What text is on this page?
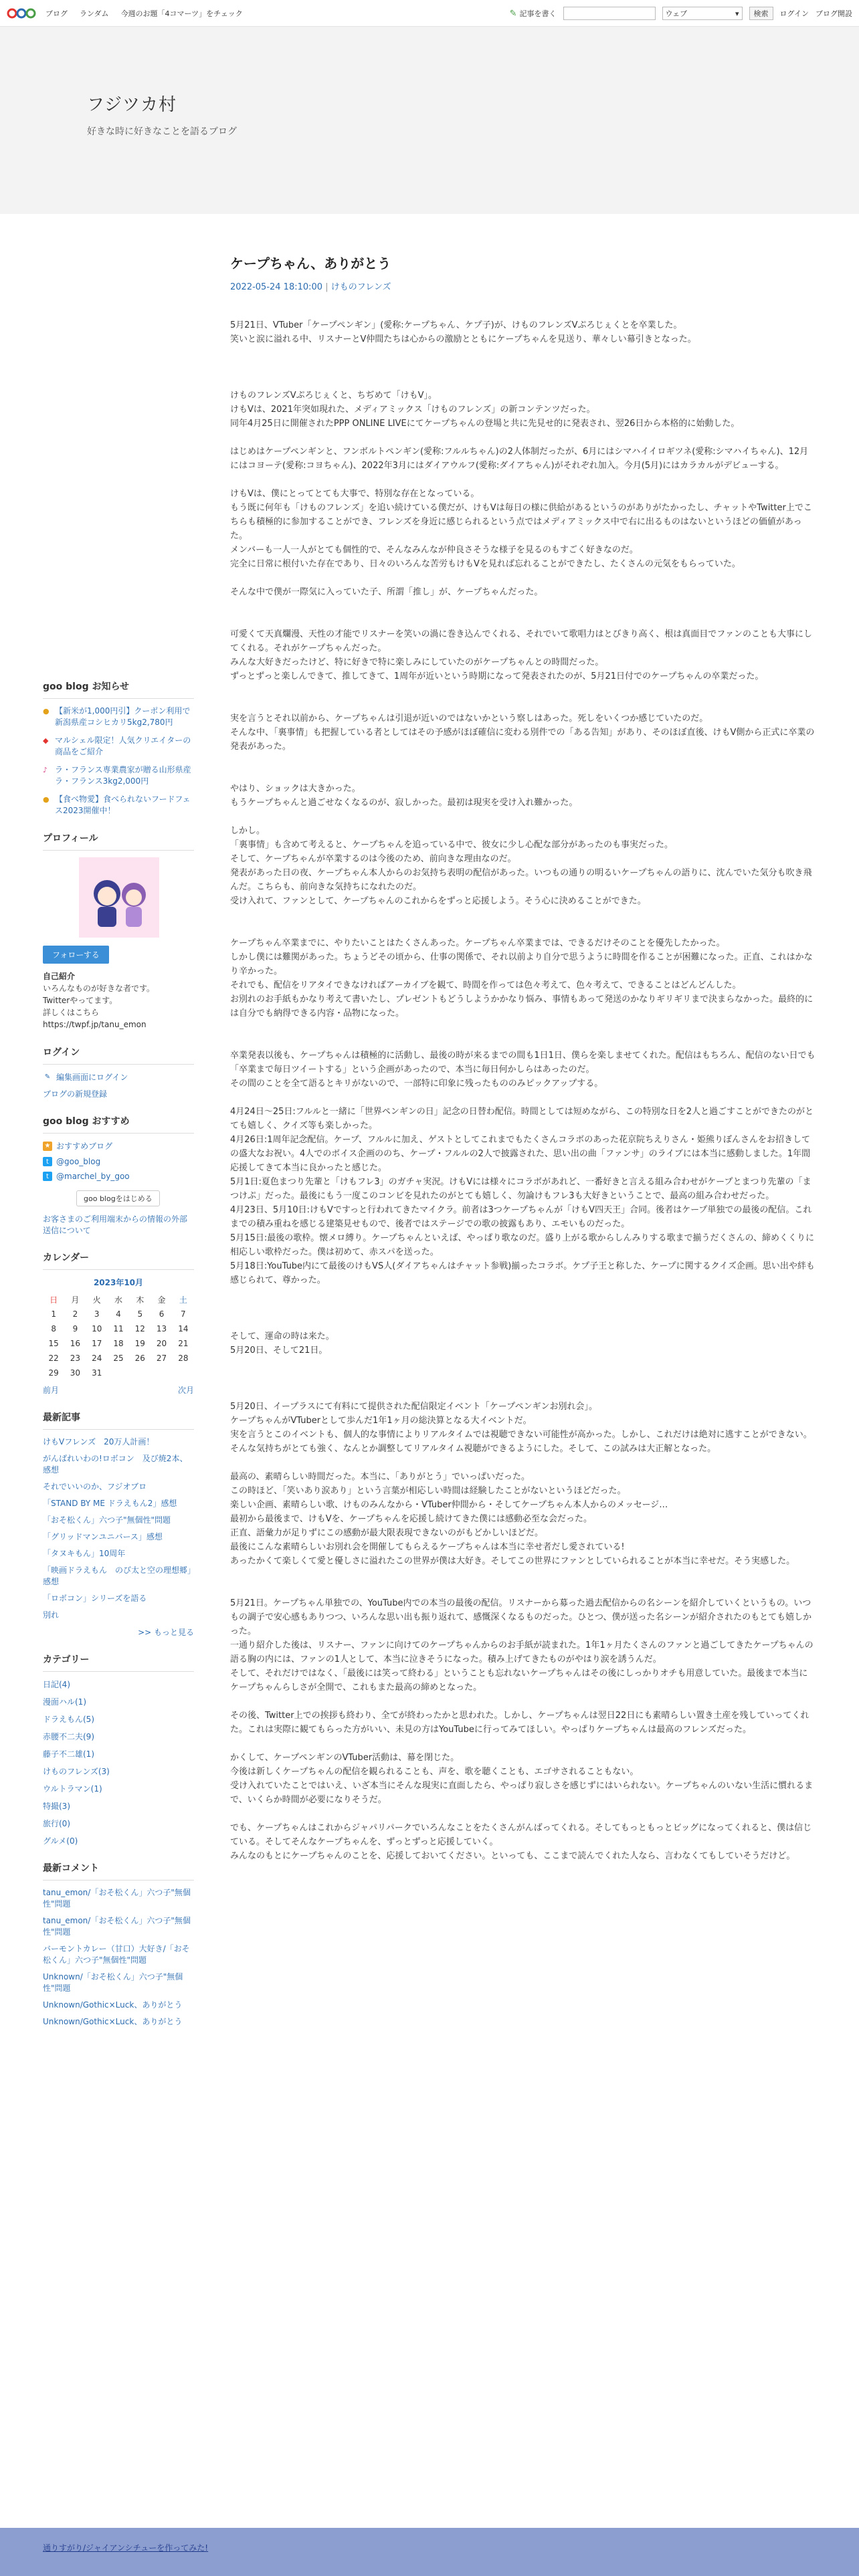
ブログ ランダム 今週のお題「4コマーツ」をチェック	✎ 記事を書く	ウェブ	▾	検索	ログイン ブログ開設
フジツカ村
好きな時に好きなことを語るブログ
ケープちゃん、ありがとう
2022-05-24 18:10:00 | けものフレンズ

5月21日、VTuber「ケープペンギン」(愛称:ケープちゃん、ケプ子)が、けものフレンズVぷろじぇくとを卒業した。

笑いと涙に溢れる中、リスナーとV仲間たちは心からの激励とともにケープちゃんを見送り、華々しい幕引きとなった。

けものフレンズVぷろじぇくと、ちぢめて「けもV」。

けもVは、2021年突如現れた、メディアミックス「けものフレンズ」の新コンテンツだった。

同年4月25日に開催されたPPP ONLINE LIVEにてケープちゃんの登場と共に先見せ的に発表され、翌26日から本格的に始動した。

はじめはケープペンギンと、フンボルトペンギン(愛称:フルルちゃん)の2人体制だったが、6月にはシマハイイロギツネ(愛称:シマハイちゃん)、12月にはコヨーテ(愛称:コヨちゃん)、2022年3月にはダイアウルフ(愛称:ダイアちゃん)がそれぞれ加入。今月(5月)にはカラカルがデビューする。

けもVは、僕にとってとても大事で、特別な存在となっている。

もう既に何年も「けものフレンズ」を追い続けている僕だが、けもVは毎日の様に供給があるというのがありがたかったし、チャットやTwitter上でこちらも積極的に参加することができ、フレンズを身近に感じられるという点ではメディアミックス中で右に出るものはないというほどの価値があった。

メンバーも一人一人がとても個性的で、そんなみんなが仲良さそうな様子を見るのもすごく好きなのだ。

完全に日常に根付いた存在であり、日々のいろんな苦労もけもVを見れば忘れることができたし、たくさんの元気をもらっていた。

そんな中で僕が一際気に入っていた子、所謂「推し」が、ケープちゃんだった。

可愛くて天真爛漫、天性の才能でリスナーを笑いの渦に巻き込んでくれる、それでいて歌唱力はとびきり高く、根は真面目でファンのことも大事にしてくれる。それがケープちゃんだった。

みんな大好きだったけど、特に好きで特に楽しみにしていたのがケープちゃんとの時間だった。

ずっとずっと楽しんできて、推してきて、1周年が近いという時期になって発表されたのが、5月21日付でのケープちゃんの卒業だった。

実を言うとそれ以前から、ケープちゃんは引退が近いのではないかという察しはあった。死しをいくつか感じていたのだ。

そんな中、「裏事情」も把握している者としてはその予感がほぼ確信に変わる別件での「ある告知」があり、そのほぼ直後、けもV側から正式に卒業の発表があった。

やはり、ショックは大きかった。

もうケープちゃんと過ごせなくなるのが、寂しかった。最初は現実を受け入れ難かった。

しかし。

「裏事情」も含めて考えると、ケープちゃんを追っている中で、彼女に少し心配な部分があったのも事実だった。

そして、ケープちゃんが卒業するのは今後のため、前向きな理由なのだ。

発表があった日の夜、ケープちゃん本人からのお気持ち表明の配信があった。いつもの通りの明るいケープちゃんの語りに、沈んでいた気分も吹き飛んだ。こちらも、前向きな気持ちになれたのだ。

受け入れて、ファンとして、ケープちゃんのこれからをずっと応援しよう。そう心に決めることができた。

ケープちゃん卒業までに、やりたいことはたくさんあった。ケープちゃん卒業までは、できるだけそのことを優先したかった。

しかし僕には難関があった。ちょうどその頃から、仕事の関係で、それ以前より自分で思うように時間を作ることが困難になった。正直、これはかなり辛かった。

それでも、配信をリアタイできなければアーカイブを観て、時間を作っては色々考えて、色々考えて、できることはどんどんした。

お別れのお手紙もかなり考えて書いたし、プレゼントもどうしようかかなり悩み、事情もあって発送のかなりギリギリまで決まらなかった。最終的には自分でも納得できる内容・品物になった。

卒業発表以後も、ケープちゃんは積極的に活動し、最後の時が来るまでの間も1日1日、僕らを楽しませてくれた。配信はもちろん、配信のない日でも「卒業まで毎日ツイートする」という企画があったので、本当に毎日何かしらはあったのだ。

その間のことを全て語るとキリがないので、一部特に印象に残ったもののみピックアップする。

4月24日〜25日:フルルと一緒に「世界ペンギンの日」記念の日替わ配信。時間としては短めながら、この特別な日を2人と過ごすことができたのがとても嬉しく、クイズ等も楽しかった。

4月26日:1周年記念配信。ケープ、フルルに加え、ゲストとしてこれまでもたくさんコラボのあった花京院ちえりさん・姫熊りぼんさんをお招きしての盛大なお祝い。4人でのボイス企画ののち、ケープ・フルルの2人で披露された、思い出の曲「ファンサ」のライブには本当に感動しました。1年間応援してきて本当に良かったと感じた。

5月1日:夏色まつり先輩と「けもフレ3」のガチャ実況。けもVには様々にコラボがあれど、一番好きと言える組み合わせがケープとまつり先輩の「まつけぷ」だった。最後にもう一度このコンビを見れたのがとても嬉しく、勿論けもフレ3も大好きということで、最高の組み合わせだった。

4月23日、5月10日:けもVですっと行われてきたマイクラ。前者は3つケープちゃんが「けもV四天王」合同。後者はケープ単独での最後の配信。これまでの積み重ねを感じる建築見せもので、後者ではステージでの歌の披露もあり、エモいものだった。

5月15日:最後の歌枠。懐メロ縛り。ケープちゃんといえば、やっぱり歌なのだ。盛り上がる歌からしんみりする歌まで揃うだくさんの、締めくくりに相応しい歌枠だった。僕は初めて、赤スパを送った。

5月18日:YouTube内にて最後のけもVS人(ダイアちゃんはチャット参戦)揃ったコラボ。ケプ子王と称した、ケープに関するクイズ企画。思い出や絆も感じられて、尊かった。

そして、運命の時は来た。

5月20日、そして21日。

5月20日、イープラスにて有料にて提供された配信限定イベント「ケープペンギンお別れ会」。

ケープちゃんがVTuberとして歩んだ1年1ヶ月の総決算となる大イベントだ。

実を言うとこのイベントも、個人的な事情によりリアルタイムでは視聴できない可能性が高かった。しかし、これだけは絶対に逃すことができない。そんな気持ちがとても強く、なんとか調整してリアルタイム視聴ができるようにした。そして、この試みは大正解となった。

最高の、素晴らしい時間だった。本当に、「ありがとう」でいっぱいだった。

この時ほど、「笑いあり涙あり」という言葉が相応しい時間は経験したことがないというほどだった。

楽しい企画、素晴らしい歌、けものみんなから・VTuber仲間から・そしてケープちゃん本人からのメッセージ…

最初から最後まで、けもVを、ケープちゃんを応援し続けてきた僕には感動必至な会だった。

正直、語彙力が足りずにこの感動が最大限表現できないのがもどかしいほどだ。

最後にこんな素晴らしいお別れ会を開催してもらえるケープちゃんは本当に幸せ者だし愛されている!

あったかくて楽しくて愛と優しさに溢れたこの世界が僕は大好き。そしてこの世界にファンとしていられることが本当に幸せだ。そう実感した。

5月21日。ケープちゃん単独での、YouTube内での本当の最後の配信。リスナーから募った過去配信からの名シーンを紹介していくというもの。いつもの調子で安心感もありつつ、いろんな思い出も振り返れて、感慨深くなるものだった。ひとつ、僕が送った名シーンが紹介されたのもとても嬉しかった。

一通り紹介した後は、リスナー、ファンに向けてのケープちゃんからのお手紙が読まれた。1年1ヶ月たくさんのファンと過ごしてきたケープちゃんの語る胸の内には、ファンの1人として、本当に泣きそうになった。積み上げてきたものがやはり涙を誘うんだ。

そして、それだけではなく、「最後には笑って終わる」ということも忘れないケープちゃんはその後にしっかりオチも用意していた。最後まで本当にケープちゃんらしさが全開で、これもまた最高の締めとなった。

その後、Twitter上での挨拶も終わり、全てが終わったかと思われた。しかし、ケープちゃんは翌日22日にも素晴らしい置き土産を残していってくれた。これは実際に観てもらった方がいい、未見の方はYouTubeに行ってみてほしい。やっぱりケープちゃんは最高のフレンズだった。

かくして、ケープペンギンのVTuber活動は、幕を閉じた。

今後は新しくケープちゃんの配信を観られることも、声を、歌を聴くことも、エゴサされることもない。

受け入れていたことではいえ、いざ本当にそんな現実に直面したら、やっぱり寂しさを感じずにはいられない。ケープちゃんのいない生活に慣れるまで、いくらか時間が必要になりそうだ。

でも、ケープちゃんはこれからジャパリパークでいろんなことをたくさんがんばってくれる。そしてもっともっとビッグになってくれると、僕は信じている。そしてそんなケープちゃんを、ずっとずっと応援していく。

みんなのもとにケープちゃんのことを、応援しておいてください。といっても、ここまで読んでくれた人なら、言わなくてもしていそうだけど。

goo blog お知らせ
● 【新米が1,000円引】クーポン利用で新潟県産コシヒカリ5kg2,780円
◆ マルシェル限定！人気クリエイターの商品をご紹介
♪ ラ・フランス専業農家が贈る山形県産ラ・フランス3kg2,000円
● 【食べ物愛】食べられないフードフェス2023開催中！
プロフィール
フォローする
自己紹介
いろんなものが好きな者です。
Twitterやってます。
詳しくはこちら
https://twpf.jp/tanu_emon
ログイン
✎ 編集画面にログイン
ブログの新規登録
goo blog おすすめ
★ おすすめブログ
t @goo_blog
t @marchel_by_goo
goo blogをはじめる
お客さまのご利用端末からの情報の外部送信について
カレンダー
2023年10月
日	月	火	水	木	金	土
1	2	3	4	5	6	7
8	9	10	11	12	13	14
15	16	17	18	19	20	21
22	23	24	25	26	27	28
29	30	31				
前月	次月
最新記事
けもVフレンズ　20万人計画！
がんばれいわの!ロボコン　及び焼2本、感想
それでいいのか、フジオブロ
「STAND BY ME ドラえもん2」感想
「おそ松くん」六つ子"無個性"問題
「グリッドマンユニバース」感想
「タヌキもん」10周年
「映画ドラえもん　のび太と空の理想郷」感想
「ロボコン」シリーズを語る
別れ
>> もっと見る
カテゴリー
日記(4)
漫面ハル(1)
ドラえもん(5)
赤腰不二夫(9)
藤子不二雄(1)
けものフレンズ(3)
ウルトラマン(1)
特撮(3)
旅行(0)
グルメ(0)
最新コメント
tanu_emon/「おそ松くん」六つ子"無個性"問題
tanu_emon/「おそ松くん」六つ子"無個性"問題
バーモントカレー（甘口）大好き/「おそ松くん」六つ子"無個性"問題
Unknown/「おそ松くん」六つ子"無個性"問題
Unknown/Gothic×Luck、ありがとう
Unknown/Gothic×Luck、ありがとう
通りすがり/ジャイアンシチューを作ってみた!
